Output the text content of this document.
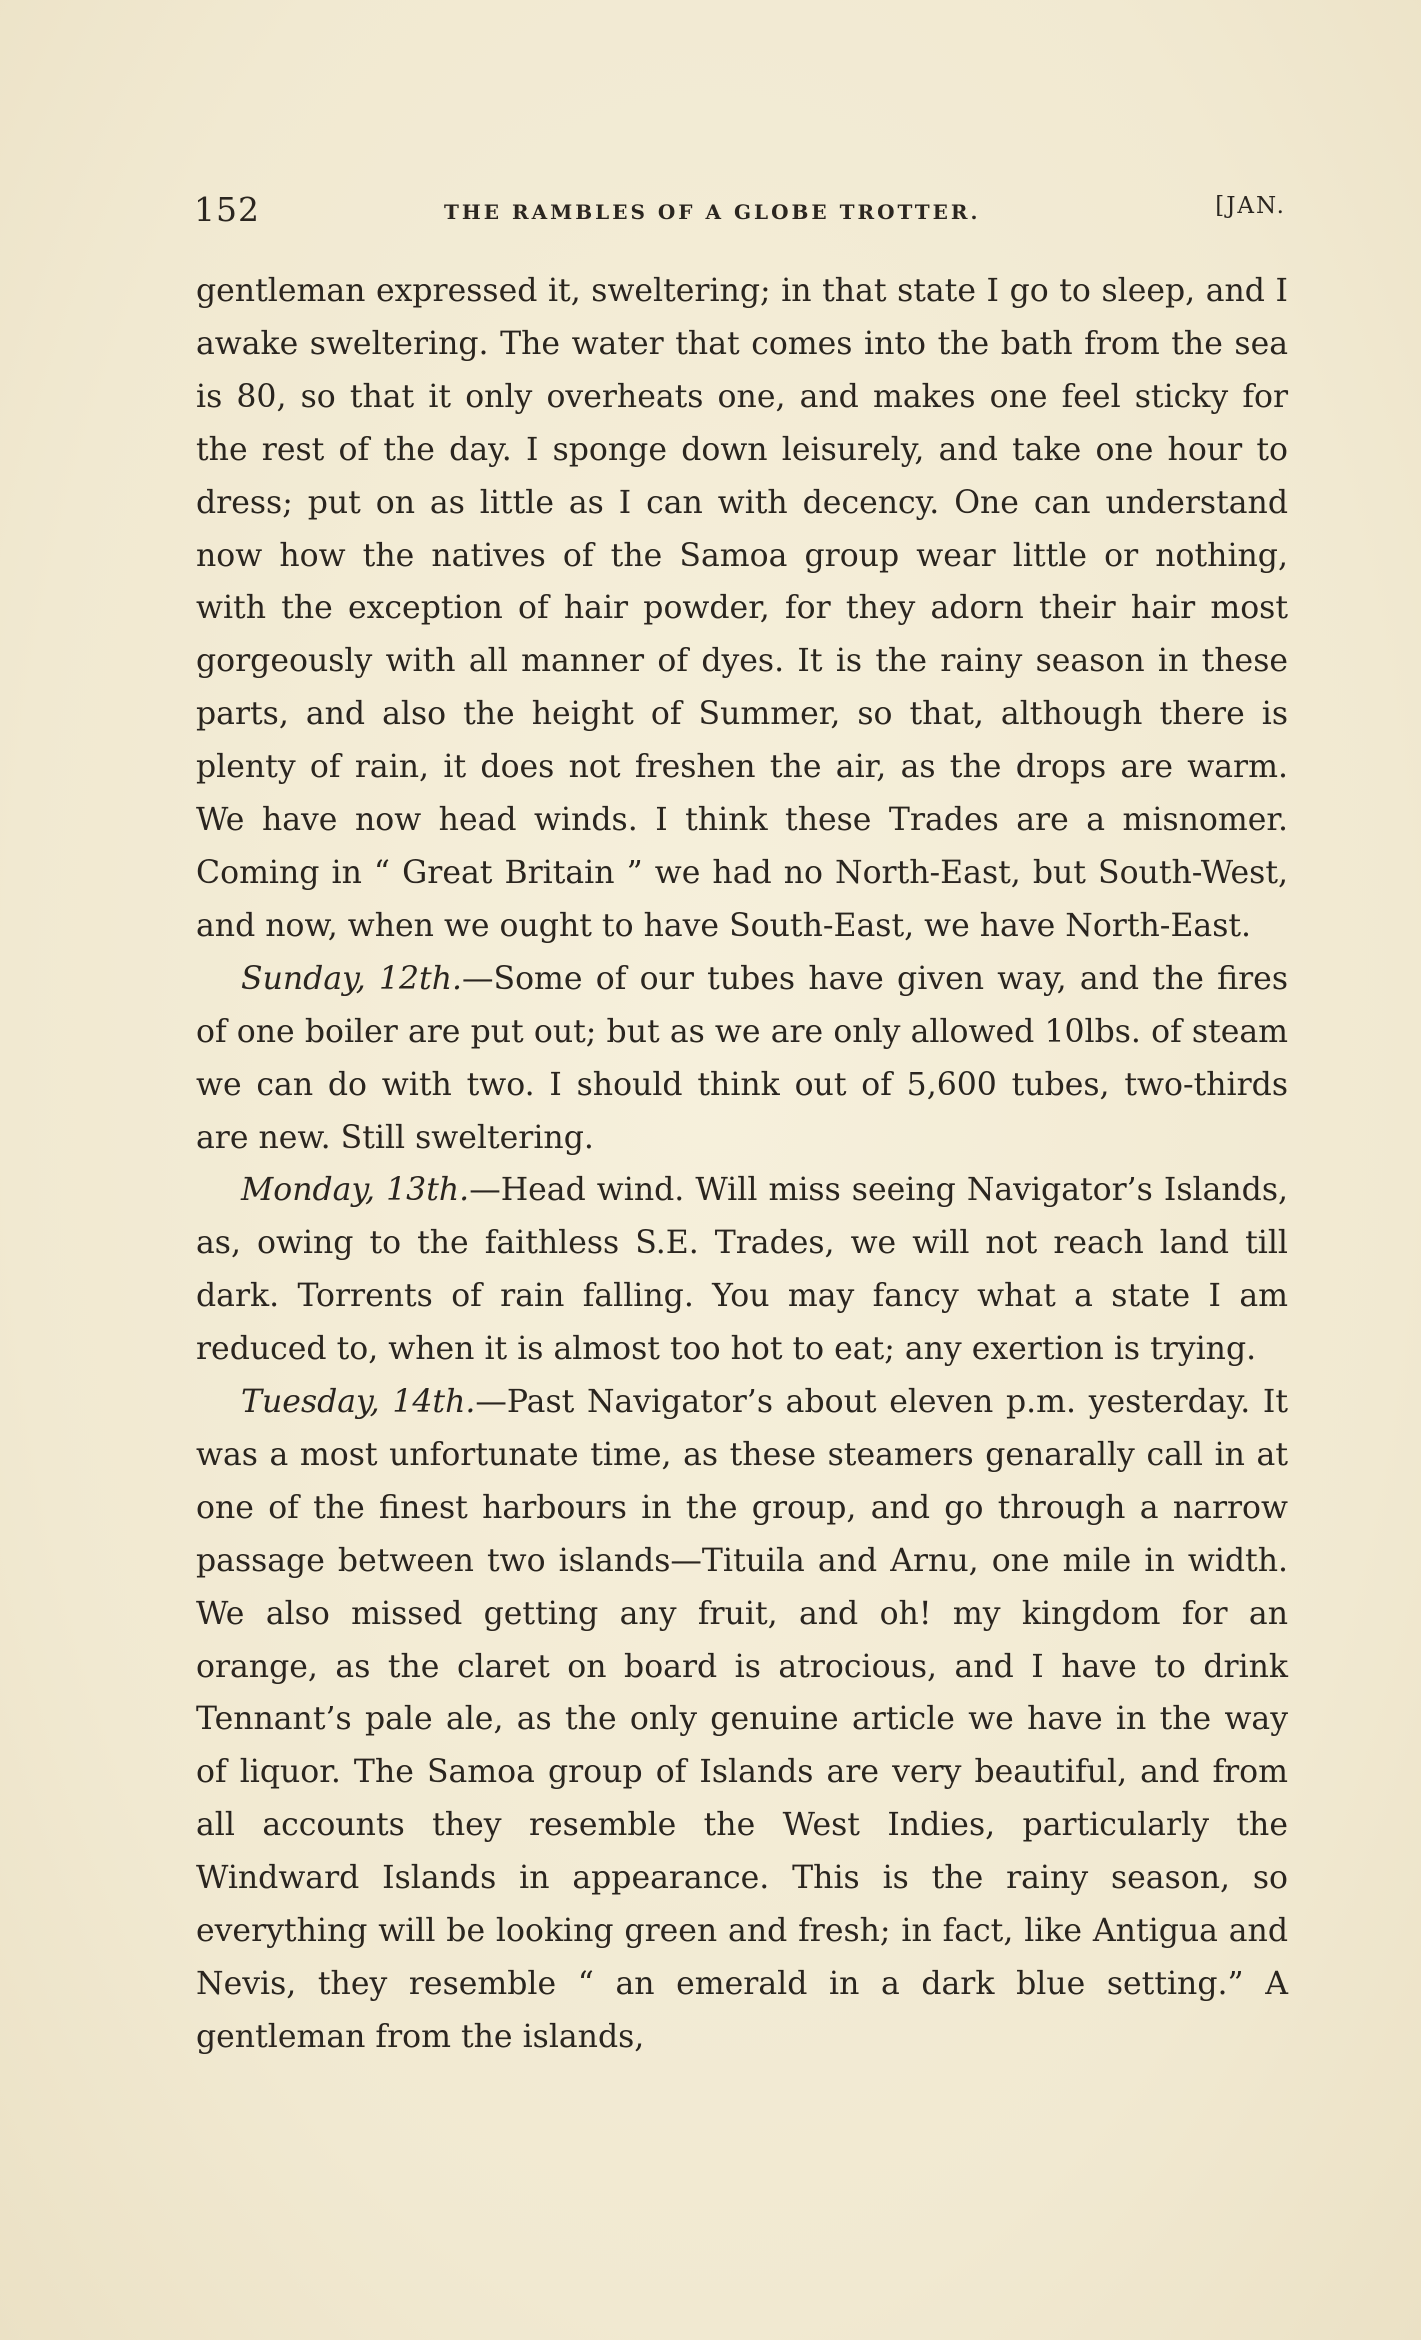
152	THE RAMBLES OF A GLOBE TROTTER.	[JAN.

gentleman expressed it, sweltering; in that state I go to sleep, and I awake sweltering. The water that comes into the bath from the sea is 80, so that it only overheats one, and makes one feel sticky for the rest of the day. I sponge down leisurely, and take one hour to dress; put on as little as I can with decency. One can understand now how the natives of the Samoa group wear little or nothing, with the exception of hair powder, for they adorn their hair most gorgeously with all manner of dyes. It is the rainy season in these parts, and also the height of Summer, so that, although there is plenty of rain, it does not freshen the air, as the drops are warm. We have now head winds. I think these Trades are a misnomer. Coming in “ Great Britain ” we had no North-East, but South-West, and now, when we ought to have South-East, we have North-East.

Sunday, 12th.—Some of our tubes have given way, and the fires of one boiler are put out; but as we are only allowed 10lbs. of steam we can do with two. I should think out of 5,600 tubes, two-thirds are new. Still sweltering.

Monday, 13th.—Head wind. Will miss seeing Navigator’s Islands, as, owing to the faithless S.E. Trades, we will not reach land till dark. Torrents of rain falling. You may fancy what a state I am reduced to, when it is almost too hot to eat; any exertion is trying.

Tuesday, 14th.—Past Navigator’s about eleven p.m. yesterday. It was a most unfortunate time, as these steamers genarally call in at one of the finest harbours in the group, and go through a narrow passage between two islands—Tituila and Arnu, one mile in width. We also missed getting any fruit, and oh! my kingdom for an orange, as the claret on board is atrocious, and I have to drink Tennant’s pale ale, as the only genuine article we have in the way of liquor. The Samoa group of Islands are very beautiful, and from all accounts they resemble the West Indies, particularly the Windward Islands in appearance. This is the rainy season, so everything will be looking green and fresh; in fact, like Antigua and Nevis, they resemble “ an emerald in a dark blue setting.” A gentleman from the islands,
